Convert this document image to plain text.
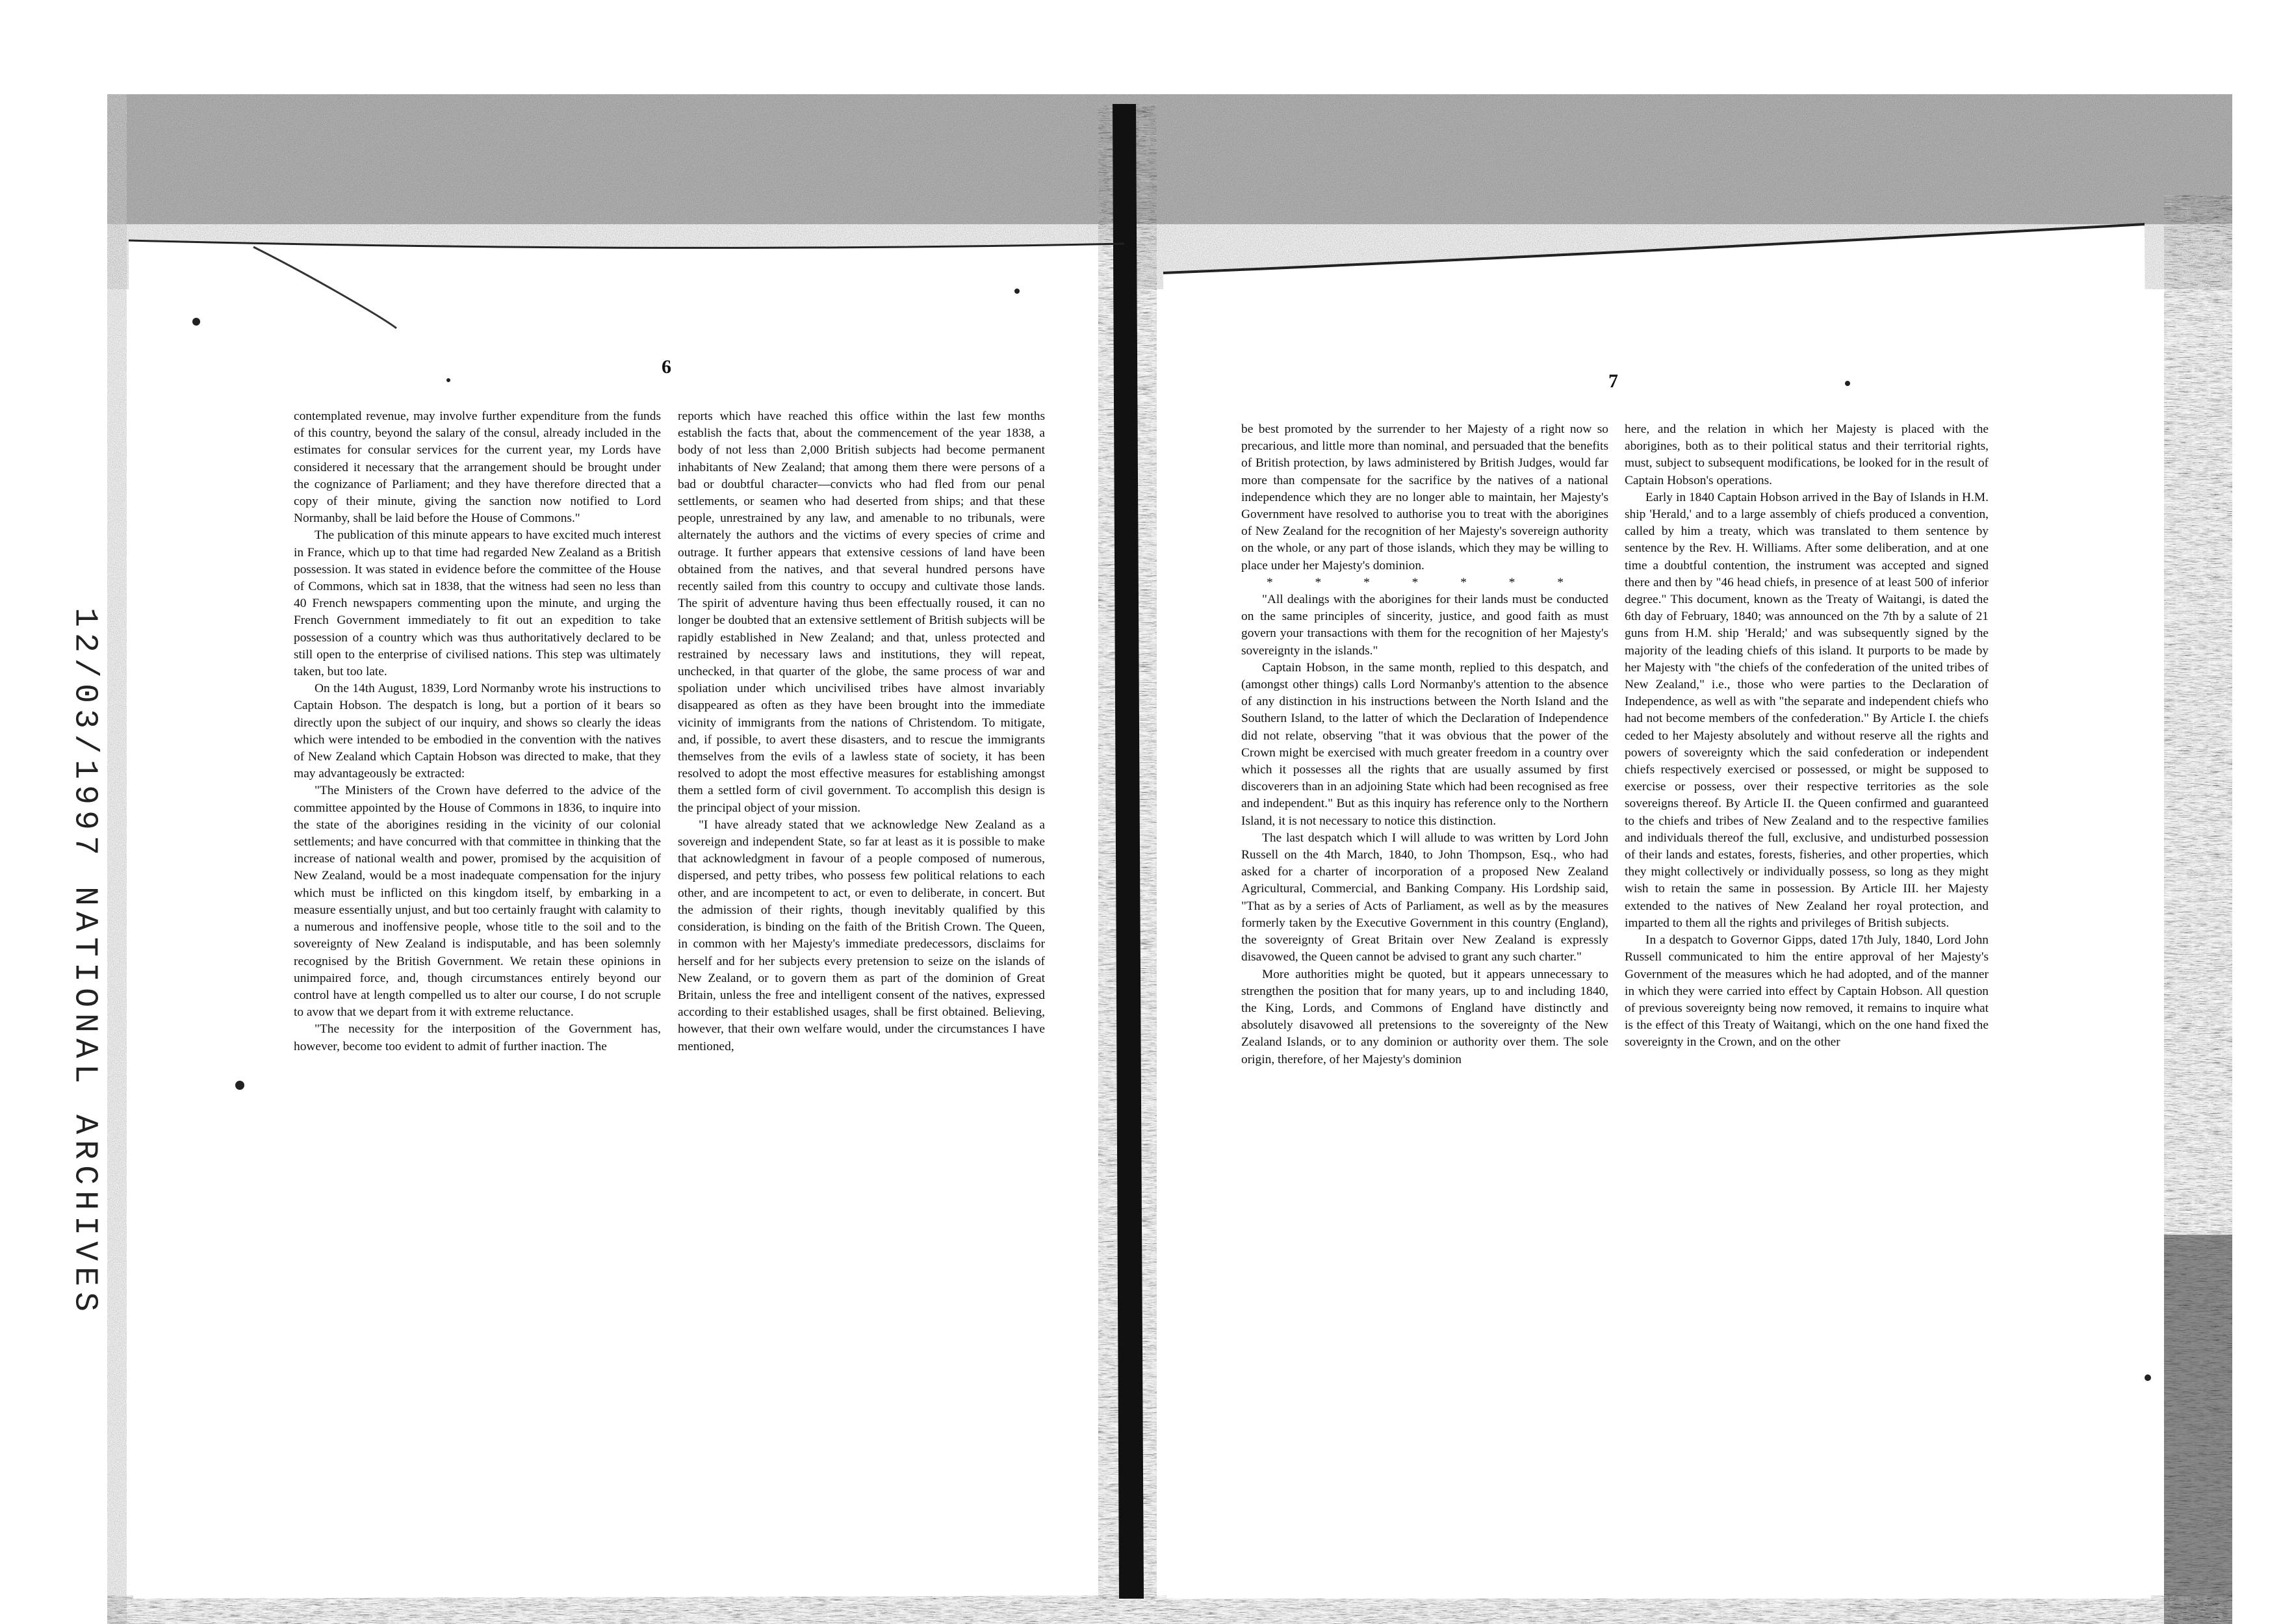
12/03/1997 NATIONAL ARCHIVES
6
7

contemplated revenue, may involve further expenditure from the funds of this country, beyond the salary of the consul, already included in the estimates for consular services for the current year, my Lords have considered it necessary that the arrangement should be brought under the cognizance of Parliament; and they have therefore directed that a copy of their minute, giving the sanction now notified to Lord Normanby, shall be laid before the House of Commons."

The publication of this minute appears to have excited much interest in France, which up to that time had regarded New Zealand as a British possession. It was stated in evidence before the committee of the House of Commons, which sat in 1838, that the witness had seen no less than 40 French newspapers commenting upon the minute, and urging the French Government immediately to fit out an expedition to take possession of a country which was thus authoritatively declared to be still open to the enterprise of civilised nations. This step was ultimately taken, but too late.

On the 14th August, 1839, Lord Normanby wrote his instructions to Captain Hobson. The despatch is long, but a portion of it bears so directly upon the subject of our inquiry, and shows so clearly the ideas which were intended to be embodied in the convention with the natives of New Zealand which Captain Hobson was directed to make, that they may advantageously be extracted:

"The Ministers of the Crown have deferred to the advice of the committee appointed by the House of Commons in 1836, to inquire into the state of the aborigines residing in the vicinity of our colonial settlements; and have concurred with that committee in thinking that the increase of national wealth and power, promised by the acquisition of New Zealand, would be a most inadequate compensation for the injury which must be inflicted on this kingdom itself, by embarking in a measure essentially unjust, and but too certainly fraught with calamity to a numerous and inoffensive people, whose title to the soil and to the sovereignty of New Zealand is indisputable, and has been solemnly recognised by the British Government. We retain these opinions in unimpaired force, and, though circumstances entirely beyond our control have at length compelled us to alter our course, I do not scruple to avow that we depart from it with extreme reluctance.

"The necessity for the interposition of the Government has, however, become too evident to admit of further inaction. The

reports which have reached this office within the last few months establish the facts that, about the commencement of the year 1838, a body of not less than 2,000 British subjects had become permanent inhabitants of New Zealand; that among them there were persons of a bad or doubtful character—convicts who had fled from our penal settlements, or seamen who had deserted from ships; and that these people, unrestrained by any law, and amenable to no tribunals, were alternately the authors and the victims of every species of crime and outrage. It further appears that extensive cessions of land have been obtained from the natives, and that several hundred persons have recently sailed from this country to occupy and cultivate those lands. The spirit of adventure having thus been effectually roused, it can no longer be doubted that an extensive settlement of British subjects will be rapidly established in New Zealand; and that, unless protected and restrained by necessary laws and institutions, they will repeat, unchecked, in that quarter of the globe, the same process of war and spoliation under which uncivilised tribes have almost invariably disappeared as often as they have been brought into the immediate vicinity of immigrants from the nations of Christendom. To mitigate, and, if possible, to avert these disasters, and to rescue the immigrants themselves from the evils of a lawless state of society, it has been resolved to adopt the most effective measures for establishing amongst them a settled form of civil government. To accomplish this design is the principal object of your mission.

"I have already stated that we acknowledge New Zealand as a sovereign and independent State, so far at least as it is possible to make that acknowledgment in favour of a people composed of numerous, dispersed, and petty tribes, who possess few political relations to each other, and are incompetent to act, or even to deliberate, in concert. But the admission of their rights, though inevitably qualified by this consideration, is binding on the faith of the British Crown. The Queen, in common with her Majesty's immediate predecessors, disclaims for herself and for her subjects every pretension to seize on the islands of New Zealand, or to govern them as part of the dominion of Great Britain, unless the free and intelligent consent of the natives, expressed according to their established usages, shall be first obtained. Believing, however, that their own welfare would, under the circumstances I have mentioned,

be best promoted by the surrender to her Majesty of a right now so precarious, and little more than nominal, and persuaded that the benefits of British protection, by laws administered by British Judges, would far more than compensate for the sacrifice by the natives of a national independence which they are no longer able to maintain, her Majesty's Government have resolved to authorise you to treat with the aborigines of New Zealand for the recognition of her Majesty's sovereign authority on the whole, or any part of those islands, which they may be willing to place under her Majesty's dominion.

* * * * * * *

"All dealings with the aborigines for their lands must be conducted on the same principles of sincerity, justice, and good faith as must govern your transactions with them for the recognition of her Majesty's sovereignty in the islands."

Captain Hobson, in the same month, replied to this despatch, and (amongst other things) calls Lord Normanby's attention to the absence of any distinction in his instructions between the North Island and the Southern Island, to the latter of which the Declaration of Independence did not relate, observing "that it was obvious that the power of the Crown might be exercised with much greater freedom in a country over which it possesses all the rights that are usually assumed by first discoverers than in an adjoining State which had been recognised as free and independent." But as this inquiry has reference only to the Northern Island, it is not necessary to notice this distinction.

The last despatch which I will allude to was written by Lord John Russell on the 4th March, 1840, to John Thompson, Esq., who had asked for a charter of incorporation of a proposed New Zealand Agricultural, Commercial, and Banking Company. His Lordship said, "That as by a series of Acts of Parliament, as well as by the measures formerly taken by the Executive Government in this country (England), the sovereignty of Great Britain over New Zealand is expressly disavowed, the Queen cannot be advised to grant any such charter."

More authorities might be quoted, but it appears unnecessary to strengthen the position that for many years, up to and including 1840, the King, Lords, and Commons of England have distinctly and absolutely disavowed all pretensions to the sovereignty of the New Zealand Islands, or to any dominion or authority over them. The sole origin, therefore, of her Majesty's dominion

here, and the relation in which her Majesty is placed with the aborigines, both as to their political status and their territorial rights, must, subject to subsequent modifications, be looked for in the result of Captain Hobson's operations.

Early in 1840 Captain Hobson arrived in the Bay of Islands in H.M. ship 'Herald,' and to a large assembly of chiefs produced a convention, called by him a treaty, which was translated to them sentence by sentence by the Rev. H. Williams. After some deliberation, and at one time a doubtful contention, the instrument was accepted and signed there and then by "46 head chiefs, in presence of at least 500 of inferior degree." This document, known as the Treaty of Waitangi, is dated the 6th day of February, 1840; was announced on the 7th by a salute of 21 guns from H.M. ship 'Herald;' and was subsequently signed by the majority of the leading chiefs of this island. It purports to be made by her Majesty with "the chiefs of the confederation of the united tribes of New Zealand," i.e., those who were parties to the Declaration of Independence, as well as with "the separate and independent chiefs who had not become members of the confederation." By Article I. the chiefs ceded to her Majesty absolutely and without reserve all the rights and powers of sovereignty which the said confederation or independent chiefs respectively exercised or possessed, or might be supposed to exercise or possess, over their respective territories as the sole sovereigns thereof. By Article II. the Queen confirmed and guaranteed to the chiefs and tribes of New Zealand and to the respective families and individuals thereof the full, exclusive, and undisturbed possession of their lands and estates, forests, fisheries, and other properties, which they might collectively or individually possess, so long as they might wish to retain the same in possession. By Article III. her Majesty extended to the natives of New Zealand her royal protection, and imparted to them all the rights and privileges of British subjects.

In a despatch to Governor Gipps, dated 17th July, 1840, Lord John Russell communicated to him the entire approval of her Majesty's Government of the measures which he had adopted, and of the manner in which they were carried into effect by Captain Hobson. All question of previous sovereignty being now removed, it remains to inquire what is the effect of this Treaty of Waitangi, which on the one hand fixed the sovereignty in the Crown, and on the other
